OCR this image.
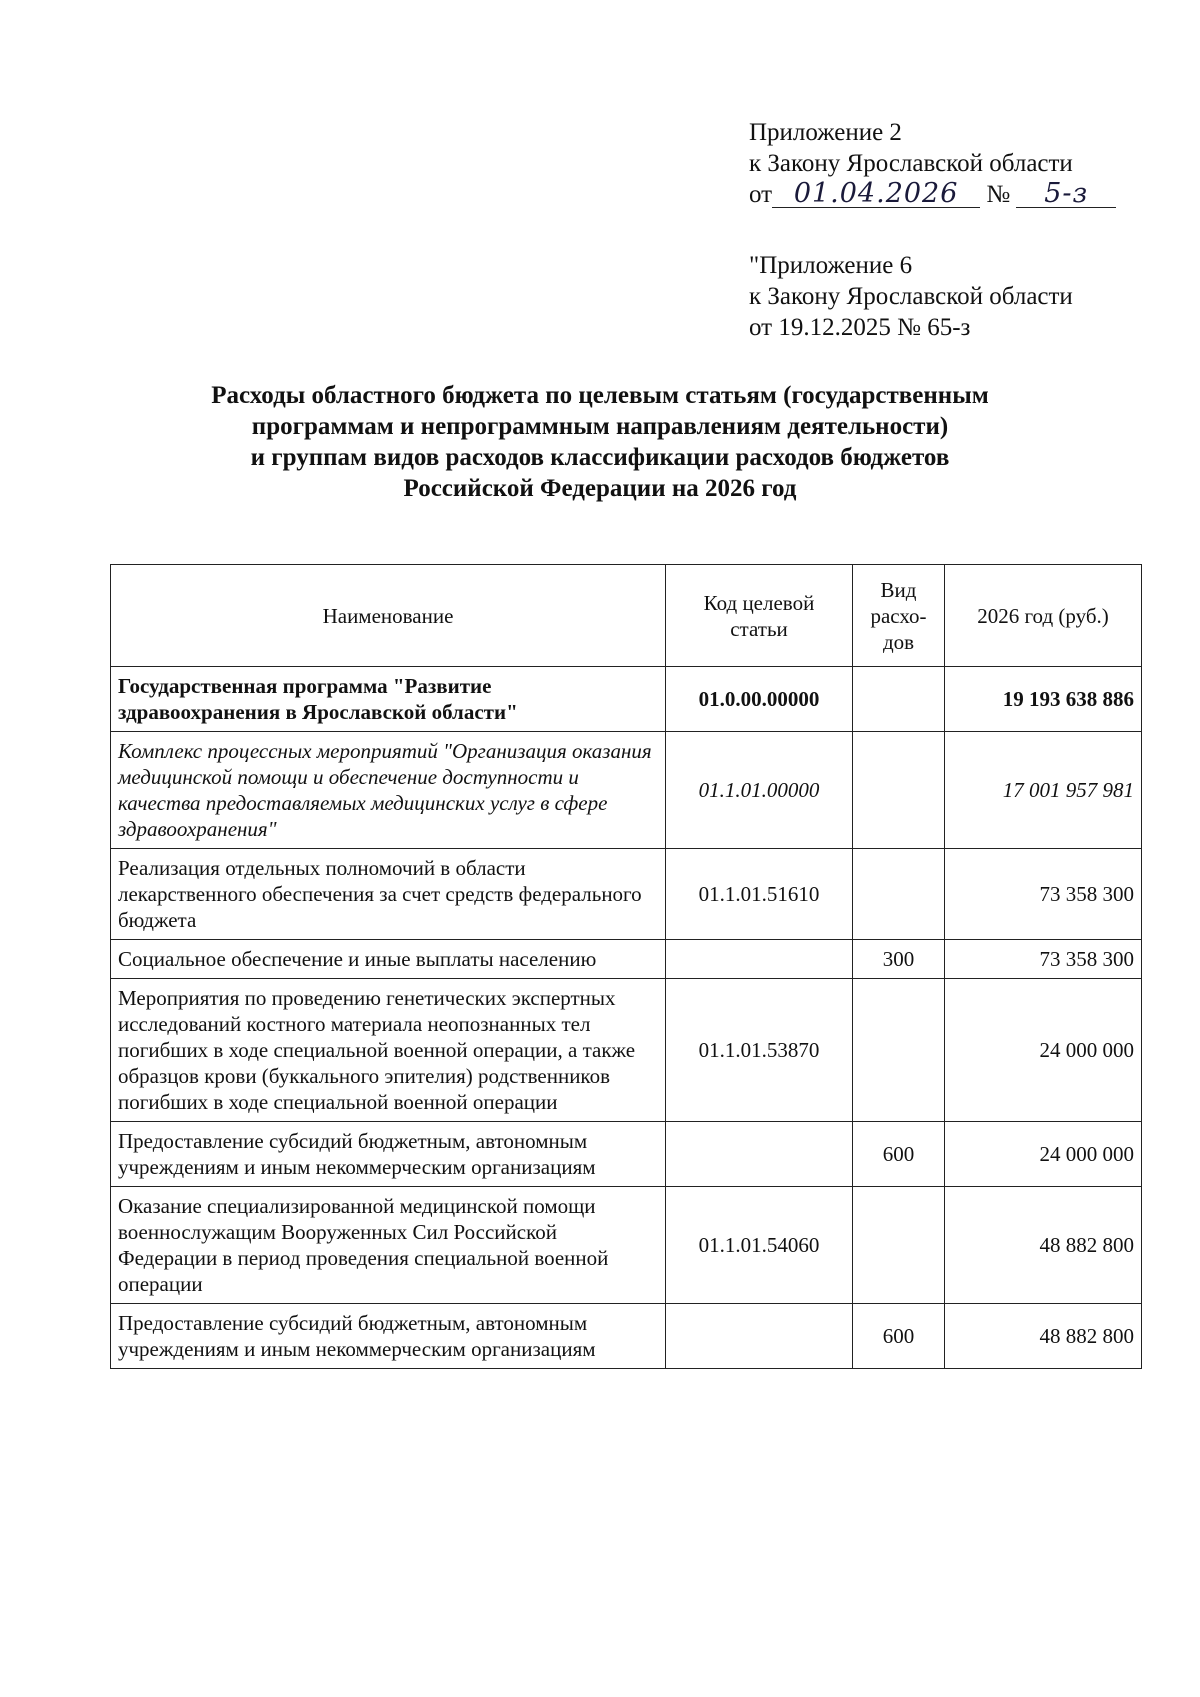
Приложение 2
к Закону Ярославской области
от 01.04.2026 № 5-з
"Приложение 6
к Закону Ярославской области
от 19.12.2025 № 65-з
Расходы областного бюджета по целевым статьям (государственным
программам и непрограммным направлениям деятельности)
и группам видов расходов классификации расходов бюджетов
Российской Федерации на 2026 год
Наименование	Код целевой статьи	Вид расхо-дов	2026 год (руб.)
Государственная программа "Развитие здравоохранения в Ярославской области"	01.0.00.00000		19 193 638 886
Комплекс процессных мероприятий "Организация оказания медицинской помощи и обеспечение доступности и качества предоставляемых медицинских услуг в сфере здравоохранения"	01.1.01.00000		17 001 957 981
Реализация отдельных полномочий в области лекарственного обеспечения за счет средств федерального бюджета	01.1.01.51610		73 358 300
Социальное обеспечение и иные выплаты населению		300	73 358 300
Мероприятия по проведению генетических экспертных исследований костного материала неопознанных тел погибших в ходе специальной военной операции, а также образцов крови (буккального эпителия) родственников погибших в ходе специальной военной операции	01.1.01.53870		24 000 000
Предоставление субсидий бюджетным, автономным учреждениям и иным некоммерческим организациям		600	24 000 000
Оказание специализированной медицинской помощи военнослужащим Вооруженных Сил Российской Федерации в период проведения специальной военной операции	01.1.01.54060		48 882 800
Предоставление субсидий бюджетным, автономным учреждениям и иным некоммерческим организациям		600	48 882 800
